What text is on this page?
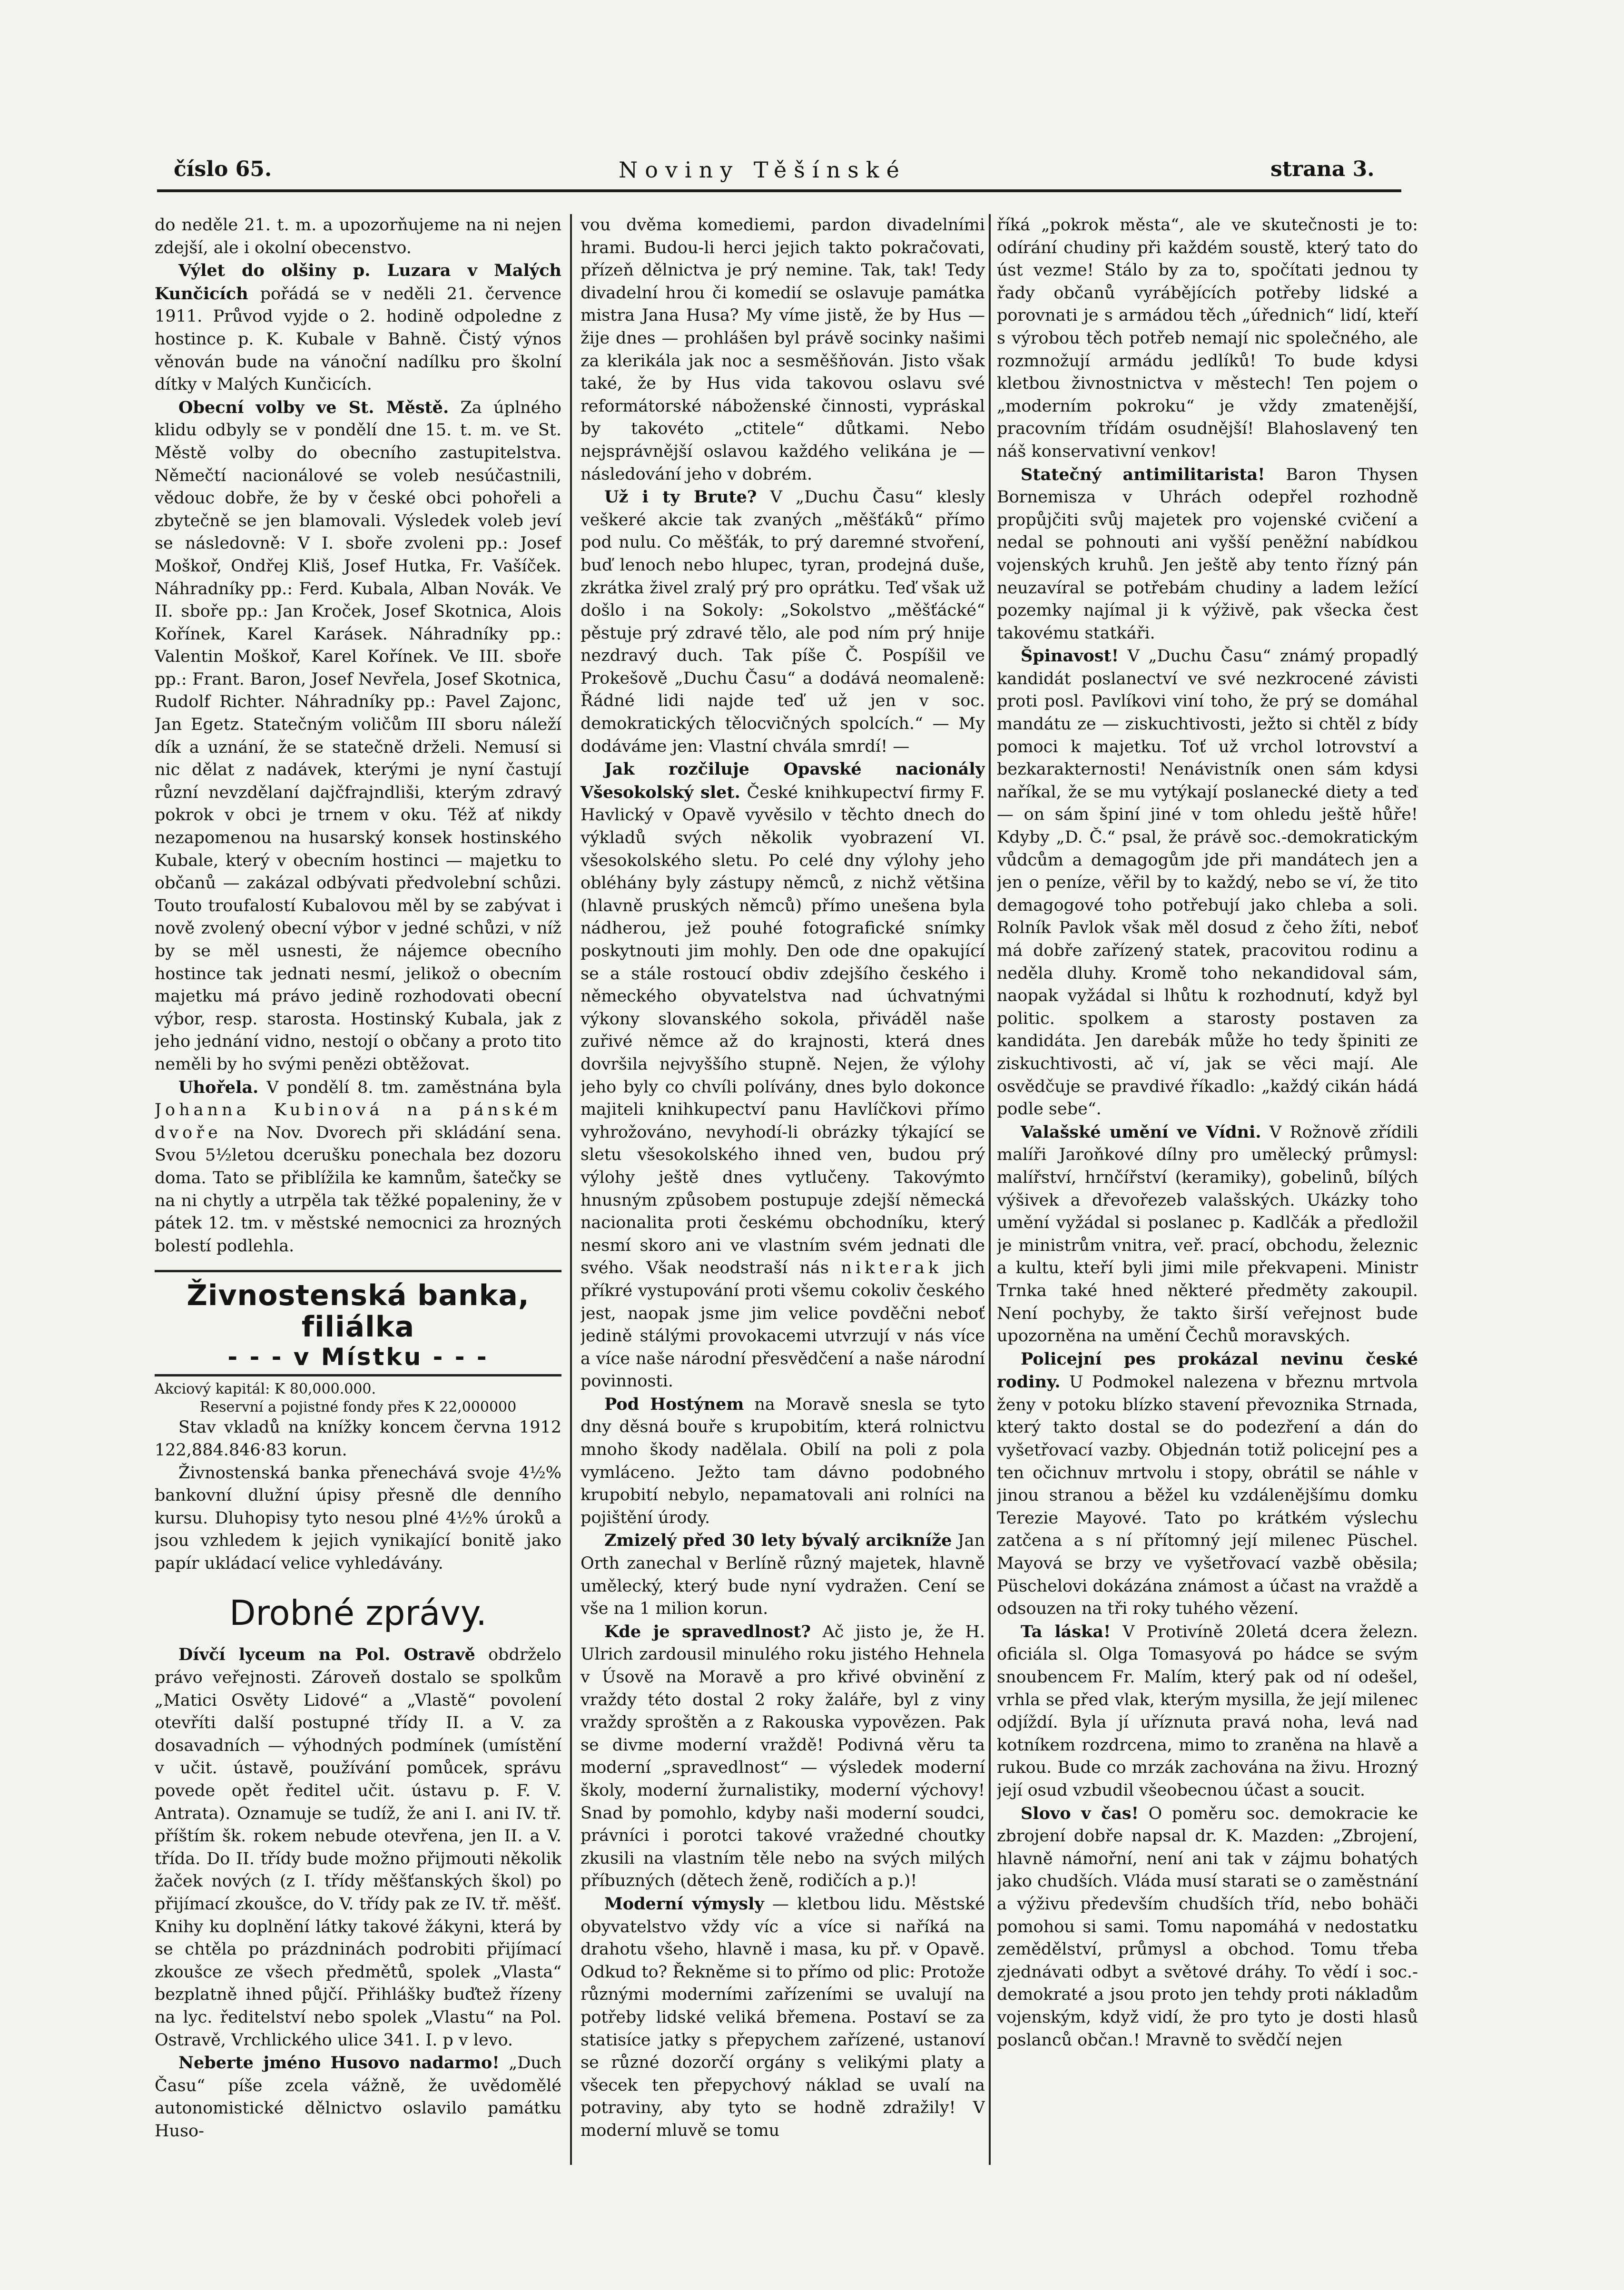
číslo 65.	Noviny Těšínské	strana 3.

do neděle 21. t. m. a upozorňujeme na ni nejen zdejší, ale i okolní obecenstvo.

Výlet do olšiny p. Luzara v Malých Kunčicích pořádá se v neděli 21. července 1911. Průvod vyjde o 2. hodině odpoledne z hostince p. K. Kubale v Bahně. Čistý výnos věnován bude na vánoční nadílku pro školní dítky v Malých Kunčicích.

Obecní volby ve St. Městě. Za úplného klidu odbyly se v pondělí dne 15. t. m. ve St. Městě volby do obecního zastupitelstva. Němečtí nacionálové se voleb nesúčastnili, vědouc dobře, že by v české obci pohořeli a zbytečně se jen blamovali. Výsledek voleb jeví se následovně: V I. sboře zvoleni pp.: Josef Moškoř, Ondřej Kliš, Josef Hutka, Fr. Vašíček. Náhradníky pp.: Ferd. Kubala, Alban Novák. Ve II. sboře pp.: Jan Kroček, Josef Skotnica, Alois Kořínek, Karel Karásek. Náhradníky pp.: Valentin Moškoř, Karel Kořínek. Ve III. sboře pp.: Frant. Baron, Josef Nevřela, Josef Skotnica, Rudolf Richter. Náhradníky pp.: Pavel Zajonc, Jan Egetz. Statečným voličům III sboru náleží dík a uznání, že se statečně drželi. Nemusí si nic dělat z nadávek, kterými je nyní častují různí nevzdělaní dajčfrajndliši, kterým zdravý pokrok v obci je trnem v oku. Též ať nikdy nezapomenou na husarský konsek hostinského Kubale, který v obecním hostinci — majetku to občanů — zakázal odbývati předvolební schůzi. Touto troufalostí Kubalovou měl by se zabývat i nově zvolený obecní výbor v jedné schůzi, v níž by se měl usnesti, že nájemce obecního hostince tak jednati nesmí, jelikož o obecním majetku má právo jedině rozhodovati obecní výbor, resp. starosta. Hostinský Kubala, jak z jeho jednání vidno, nestojí o občany a proto tito neměli by ho svými penězi obtěžovat.

Uhořela. V pondělí 8. tm. zaměstnána byla Johanna Kubinová na pánském dvoře na Nov. Dvorech při skládání sena. Svou 5½letou dcerušku ponechala bez dozoru doma. Tato se přiblížila ke kamnům, šatečky se na ni chytly a utrpěla tak těžké popaleniny, že v pátek 12. tm. v městské nemocnici za hrozných bolestí podlehla.

Živnostenská banka, filiálka
- - - v Místku - - -
Akciový kapitál: K 80,000.000.
Reservní a pojistné fondy přes K 22,000000

Stav vkladů na knížky koncem června 1912 122,884.846·83 korun.

Živnostenská banka přenechává svoje 4½% bankovní dlužní úpisy přesně dle denního kursu. Dluhopisy tyto nesou plné 4½% úroků a jsou vzhledem k jejich vynikající bonitě jako papír ukládací velice vyhledávány.

Drobné zprávy.

Dívčí lyceum na Pol. Ostravě obdrželo právo veřejnosti. Zároveň dostalo se spolkům „Matici Osvěty Lidové“ a „Vlastě“ povolení otevříti další postupné třídy II. a V. za dosavadních — výhodných podmínek (umístění v učit. ústavě, používání pomůcek, správu povede opět ředitel učit. ústavu p. F. V. Antrata). Oznamuje se tudíž, že ani I. ani IV. tř. příštím šk. rokem nebude otevřena, jen II. a V. třída. Do II. třídy bude možno přijmouti několik žaček nových (z I. třídy měšťanských škol) po přijímací zkoušce, do V. třídy pak ze IV. tř. měšť. Knihy ku doplnění látky takové žákyni, která by se chtěla po prázdninách podrobiti přijímací zkoušce ze všech předmětů, spolek „Vlasta“ bezplatně ihned půjčí. Přihlášky buďtež řízeny na lyc. ředitelství nebo spolek „Vlastu“ na Pol. Ostravě, Vrchlického ulice 341. I. p v levo.

Neberte jméno Husovo nadarmo! „Duch Času“ píše zcela vážně, že uvědomělé autonomistické dělnictvo oslavilo památku Huso-

vou dvěma komediemi, pardon divadelními hrami. Budou-li herci jejich takto pokračovati, přízeň dělnictva je prý nemine. Tak, tak! Tedy divadelní hrou či komedií se oslavuje památka mistra Jana Husa? My víme jistě, že by Hus — žije dnes — prohlášen byl právě socinky našimi za klerikála jak noc a sesměšňován. Jisto však také, že by Hus vida takovou oslavu své reformátorské náboženské činnosti, vypráskal by takovéto „ctitele“ důtkami. Nebo nejsprávnější oslavou každého velikána je — následování jeho v dobrém.

Už i ty Brute? V „Duchu Času“ klesly veškeré akcie tak zvaných „měšťáků“ přímo pod nulu. Co měšťák, to prý daremné stvoření, buď lenoch nebo hlupec, tyran, prodejná duše, zkrátka živel zralý prý pro oprátku. Teď však už došlo i na Sokoly: „Sokolstvo „měšťácké“ pěstuje prý zdravé tělo, ale pod ním prý hnije nezdravý duch. Tak píše Č. Pospíšil ve Prokešově „Duchu Času“ a dodává neomaleně: Řádné lidi najde teď už jen v soc. demokratických tělocvičných spolcích.“ — My dodáváme jen: Vlastní chvála smrdí! —

Jak rozčiluje Opavské nacionály Všesokolský slet. České knihkupectví firmy F. Havlický v Opavě vyvěsilo v těchto dnech do výkladů svých několik vyobrazení VI. všesokolského sletu. Po celé dny výlohy jeho obléhány byly zástupy němců, z nichž většina (hlavně pruských němců) přímo unešena byla nádherou, jež pouhé fotografické snímky poskytnouti jim mohly. Den ode dne opakující se a stále rostoucí obdiv zdejšího českého i německého obyvatelstva nad úchvatnými výkony slovanského sokola, přiváděl naše zuřivé němce až do krajnosti, která dnes dovršila nejvyššího stupně. Nejen, že výlohy jeho byly co chvíli polívány, dnes bylo dokonce majiteli knihkupectví panu Havlíčkovi přímo vyhrožováno, nevyhodí-li obrázky týkající se sletu všesokolského ihned ven, budou prý výlohy ještě dnes vytlučeny. Takovýmto hnusným způsobem postupuje zdejší německá nacionalita proti českému obchodníku, který nesmí skoro ani ve vlastním svém jednati dle svého. Však neodstraší nás nikterak jich příkré vystupování proti všemu cokoliv českého jest, naopak jsme jim velice povděčni neboť jedině stálými provokacemi utvrzují v nás více a více naše národní přesvědčení a naše národní povinnosti.

Pod Hostýnem na Moravě snesla se tyto dny děsná bouře s krupobitím, která rolnictvu mnoho škody nadělala. Obilí na poli z pola vymláceno. Ježto tam dávno podobného krupobití nebylo, nepamatovali ani rolníci na pojištění úrody.

Zmizelý před 30 lety bývalý arcikníže Jan Orth zanechal v Berlíně různý majetek, hlavně umělecký, který bude nyní vydražen. Cení se vše na 1 milion korun.

Kde je spravedlnost? Ač jisto je, že H. Ulrich zardousil minulého roku jistého Hehnela v Úsově na Moravě a pro křivé obvinění z vraždy této dostal 2 roky žaláře, byl z viny vraždy sproštěn a z Rakouska vypovězen. Pak se divme moderní vraždě! Podivná věru ta moderní „spravedlnost“ — výsledek moderní školy, moderní žurnalistiky, moderní výchovy! Snad by pomohlo, kdyby naši moderní soudci, právníci i porotci takové vražedné choutky zkusili na vlastním těle nebo na svých milých příbuzných (dětech ženě, rodičích a p.)!

Moderní výmysly — kletbou lidu. Městské obyvatelstvo vždy víc a více si naříká na drahotu všeho, hlavně i masa, ku př. v Opavě. Odkud to? Řekněme si to přímo od plic: Protože různými moderními zařízeními se uvalují na potřeby lidské veliká břemena. Postaví se za statisíce jatky s přepychem zařízené, ustanoví se různé dozorčí orgány s velikými platy a všecek ten přepychový náklad se uvalí na potraviny, aby tyto se hodně zdražily! V moderní mluvě se tomu

říká „pokrok města“, ale ve skutečnosti je to: odírání chudiny při každém soustě, který tato do úst vezme! Stálo by za to, spočítati jednou ty řady občanů vyrábějících potřeby lidské a porovnati je s armádou těch „úřednich“ lidí, kteří s výrobou těch potřeb nemají nic společného, ale rozmnožují armádu jedlíků! To bude kdysi kletbou živnostnictva v městech! Ten pojem o „moderním pokroku“ je vždy zmatenější, pracovním třídám osudnější! Blahoslavený ten náš konservativní venkov!

Statečný antimilitarista! Baron Thysen Bornemisza v Uhrách odepřel rozhodně propůjčiti svůj majetek pro vojenské cvičení a nedal se pohnouti ani vyšší peněžní nabídkou vojenských kruhů. Jen ještě aby tento řízný pán neuzavíral se potřebám chudiny a ladem ležící pozemky najímal ji k výživě, pak všecka čest takovému statkáři.

Špinavost! V „Duchu Času“ známý propadlý kandidát poslanectví ve své nezkrocené závisti proti posl. Pavlíkovi viní toho, že prý se domáhal mandátu ze — ziskuchtivosti, ježto si chtěl z bídy pomoci k majetku. Toť už vrchol lotrovství a bezkarakternosti! Nenávistník onen sám kdysi naříkal, že se mu vytýkají poslanecké diety a teď — on sám špiní jiné v tom ohledu ještě hůře! Kdyby „D. Č.“ psal, že právě soc.-demokratickým vůdcům a demagogům jde při mandátech jen a jen o peníze, věřil by to každý, nebo se ví, že tito demagogové toho potřebují jako chleba a soli. Rolník Pavlok však měl dosud z čeho žíti, neboť má dobře zařízený statek, pracovitou rodinu a neděla dluhy. Kromě toho nekandidoval sám, naopak vyžádal si lhůtu k rozhodnutí, když byl politic. spolkem a starosty postaven za kandidáta. Jen darebák může ho tedy špiniti ze ziskuchtivosti, ač ví, jak se věci mají. Ale osvědčuje se pravdivé říkadlo: „každý cikán hádá podle sebe“.

Valašské umění ve Vídni. V Rožnově zřídili malíři Jaroňkové dílny pro umělecký průmysl: malířství, hrnčířství (keramiky), gobelinů, bílých výšivek a dřevořezeb valašských. Ukázky toho umění vyžádal si poslanec p. Kadlčák a předložil je ministrům vnitra, veř. prací, obchodu, železnic a kultu, kteří byli jimi mile překvapeni. Ministr Trnka také hned některé předměty zakoupil. Není pochyby, že takto širší veřejnost bude upozorněna na umění Čechů moravských.

Policejní pes prokázal nevinu české rodiny. U Podmokel nalezena v březnu mrtvola ženy v potoku blízko stavení převoznika Strnada, který takto dostal se do podezření a dán do vyšetřovací vazby. Objednán totiž policejní pes a ten očichnuv mrtvolu i stopy, obrátil se náhle v jinou stranou a běžel ku vzdálenějšímu domku Terezie Mayové. Tato po krátkém výslechu zatčena a s ní přítomný její milenec Püschel. Mayová se brzy ve vyšetřovací vazbě oběsila; Püschelovi dokázána známost a účast na vraždě a odsouzen na tři roky tuhého vězení.

Ta láska! V Protivíně 20letá dcera železn. oficiála sl. Olga Tomasyová po hádce se svým snoubencem Fr. Malím, který pak od ní odešel, vrhla se před vlak, kterým mysilla, že její milenec odjíždí. Byla jí uříznuta pravá noha, levá nad kotníkem rozdrcena, mimo to zraněna na hlavě a rukou. Bude co mrzák zachována na živu. Hrozný její osud vzbudil všeobecnou účast a soucit.

Slovo v čas! O poměru soc. demokracie ke zbrojení dobře napsal dr. K. Mazden: „Zbrojení, hlavně námořní, není ani tak v zájmu bohatých jako chudších. Vláda musí starati se o zaměstnání a výživu především chudších tříd, nebo bohäči pomohou si sami. Tomu napomáhá v nedostatku zemědělství, průmysl a obchod. Tomu třeba zjednávati odbyt a světové dráhy. To vědí i soc.-demokraté a jsou proto jen tehdy proti nákladům vojenským, když vidí, že pro tyto je dosti hlasů poslanců občan.! Mravně to svědčí nejen
